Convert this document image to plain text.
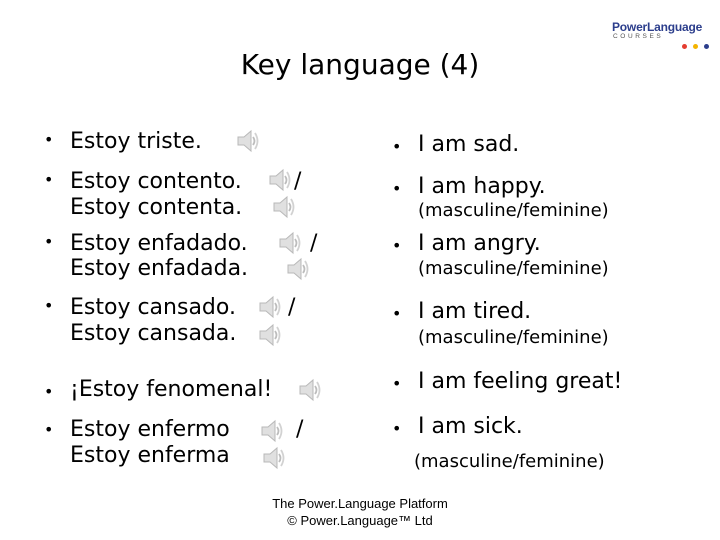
PowerLanguage
COURSES

Key language (4)
• Estoy triste.
• Estoy contento. /
Estoy contenta.
• Estoy enfadado.	/
Estoy enfadada.
• Estoy cansado. /
Estoy cansada.
• ¡Estoy fenomenal!
• Estoy enfermo	/
Estoy enferma
• I am sad.
• I am happy.
(masculine/feminine)
• I am angry.
(masculine/feminine)
• I am tired.
(masculine/feminine)
• I am feeling great!
• I am sick.
(masculine/feminine)
The Power.Language Platform
© Power.Language™ Ltd
